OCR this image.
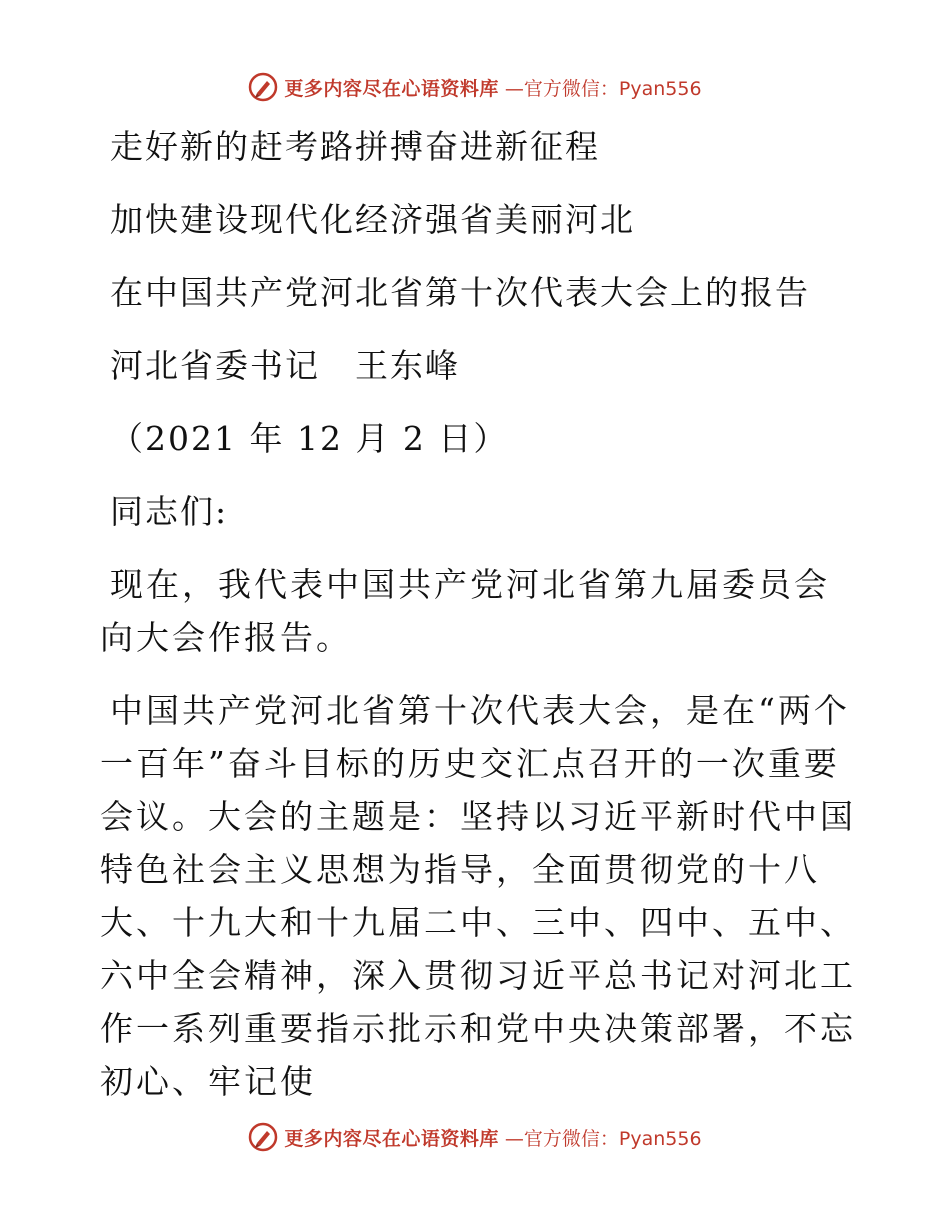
更多内容尽在心语资料库 —官方微信：Pyan556

走好新的赶考路拼搏奋进新征程

加快建设现代化经济强省美丽河北

在中国共产党河北省第十次代表大会上的报告

河北省委书记　王东峰

（2021 年 12 月 2 日）

同志们:

现在，我代表中国共产党河北省第九届委员会向大会作报告。

中国共产党河北省第十次代表大会，是在“两个一百年”奋斗目标的历史交汇点召开的一次重要会议。大会的主题是：坚持以习近平新时代中国特色社会主义思想为指导，全面贯彻党的十八大、十九大和十九届二中、三中、四中、五中、六中全会精神，深入贯彻习近平总书记对河北工作一系列重要指示批示和党中央决策部署，不忘初心、牢记使

更多内容尽在心语资料库 —官方微信：Pyan556
